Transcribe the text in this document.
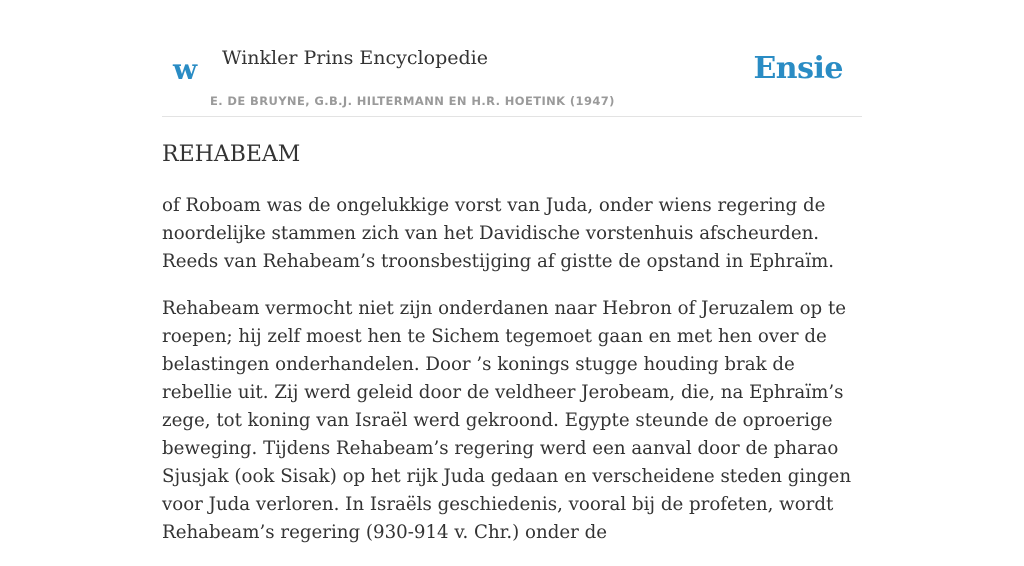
w Winkler Prins Encyclopedie
E. DE BRUYNE, G.B.J. HILTERMANN EN H.R. HOETINK (1947)
Ensie
REHABEAM

of Roboam was de ongelukkige vorst van Juda, onder wiens regering de noordelijke stammen zich van het Davidische vorstenhuis afscheurden. Reeds van Rehabeam’s troonsbestijging af gistte de opstand in Ephraïm.

Rehabeam vermocht niet zijn onderdanen naar Hebron of Jeruzalem op te roepen; hij zelf moest hen te Sichem tegemoet gaan en met hen over de belastingen onderhandelen. Door ’s konings stugge houding brak de rebellie uit. Zij werd geleid door de veldheer Jerobeam, die, na Ephraïm’s zege, tot koning van Israël werd gekroond. Egypte steunde de oproerige beweging. Tijdens Rehabeam’s regering werd een aanval door de pharao Sjusjak (ook Sisak) op het rijk Juda gedaan en verscheidene steden gingen voor Juda verloren. In Israëls geschiedenis, vooral bij de profeten, wordt Rehabeam’s regering (930-914 v. Chr.) onder de
